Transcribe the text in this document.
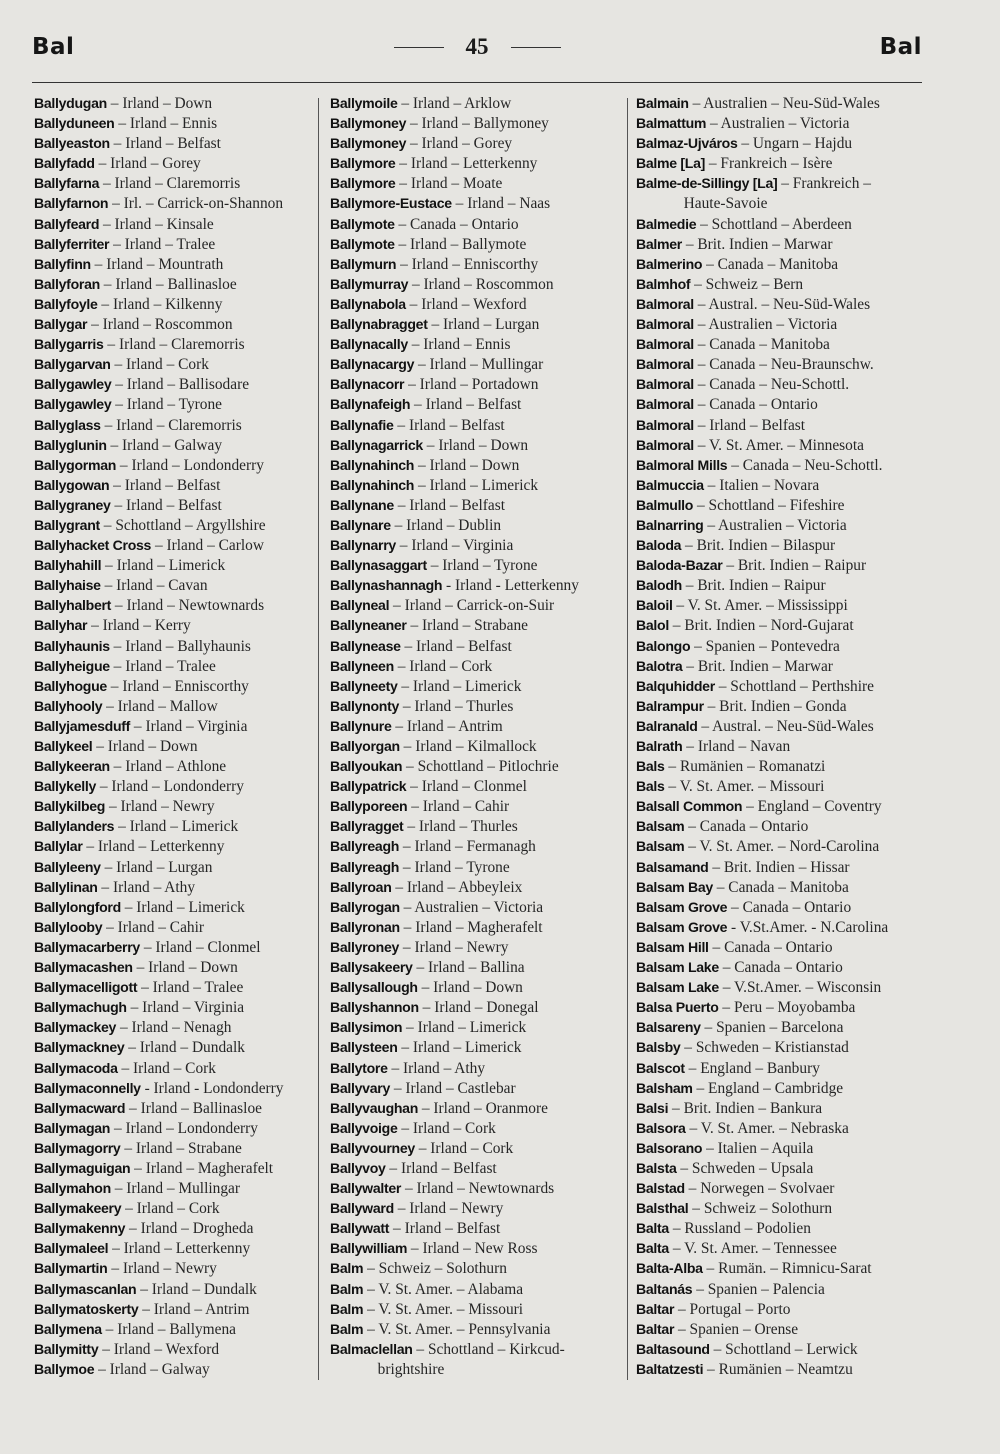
Bal	45	Bal
Ballydugan – Irland – Down
Ballyduneen – Irland – Ennis
Ballyeaston – Irland – Belfast
Ballyfadd – Irland – Gorey
Ballyfarna – Irland – Claremorris
Ballyfarnon – Irl. – Carrick-on-Shannon
Ballyfeard – Irland – Kinsale
Ballyferriter – Irland – Tralee
Ballyfinn – Irland – Mountrath
Ballyforan – Irland – Ballinasloe
Ballyfoyle – Irland – Kilkenny
Ballygar – Irland – Roscommon
Ballygarris – Irland – Claremorris
Ballygarvan – Irland – Cork
Ballygawley – Irland – Ballisodare
Ballygawley – Irland – Tyrone
Ballyglass – Irland – Claremorris
Ballyglunin – Irland – Galway
Ballygorman – Irland – Londonderry
Ballygowan – Irland – Belfast
Ballygraney – Irland – Belfast
Ballygrant – Schottland – Argyllshire
Ballyhacket Cross – Irland – Carlow
Ballyhahill – Irland – Limerick
Ballyhaise – Irland – Cavan
Ballyhalbert – Irland – Newtownards
Ballyhar – Irland – Kerry
Ballyhaunis – Irland – Ballyhaunis
Ballyheigue – Irland – Tralee
Ballyhogue – Irland – Enniscorthy
Ballyhooly – Irland – Mallow
Ballyjamesduff – Irland – Virginia
Ballykeel – Irland – Down
Ballykeeran – Irland – Athlone
Ballykelly – Irland – Londonderry
Ballykilbeg – Irland – Newry
Ballylanders – Irland – Limerick
Ballylar – Irland – Letterkenny
Ballyleeny – Irland – Lurgan
Ballylinan – Irland – Athy
Ballylongford – Irland – Limerick
Ballylooby – Irland – Cahir
Ballymacarberry – Irland – Clonmel
Ballymacashen – Irland – Down
Ballymacelligott – Irland – Tralee
Ballymachugh – Irland – Virginia
Ballymackey – Irland – Nenagh
Ballymackney – Irland – Dundalk
Ballymacoda – Irland – Cork
Ballymaconnelly - Irland - Londonderry
Ballymacward – Irland – Ballinasloe
Ballymagan – Irland – Londonderry
Ballymagorry – Irland – Strabane
Ballymaguigan – Irland – Magherafelt
Ballymahon – Irland – Mullingar
Ballymakeery – Irland – Cork
Ballymakenny – Irland – Drogheda
Ballymaleel – Irland – Letterkenny
Ballymartin – Irland – Newry
Ballymascanlan – Irland – Dundalk
Ballymatoskerty – Irland – Antrim
Ballymena – Irland – Ballymena
Ballymitty – Irland – Wexford
Ballymoe – Irland – Galway
Ballymoile – Irland – Arklow
Ballymoney – Irland – Ballymoney
Ballymoney – Irland – Gorey
Ballymore – Irland – Letterkenny
Ballymore – Irland – Moate
Ballymore-Eustace – Irland – Naas
Ballymote – Canada – Ontario
Ballymote – Irland – Ballymote
Ballymurn – Irland – Enniscorthy
Ballymurray – Irland – Roscommon
Ballynabola – Irland – Wexford
Ballynabragget – Irland – Lurgan
Ballynacally – Irland – Ennis
Ballynacargy – Irland – Mullingar
Ballynacorr – Irland – Portadown
Ballynafeigh – Irland – Belfast
Ballynafie – Irland – Belfast
Ballynagarrick – Irland – Down
Ballynahinch – Irland – Down
Ballynahinch – Irland – Limerick
Ballynane – Irland – Belfast
Ballynare – Irland – Dublin
Ballynarry – Irland – Virginia
Ballynasaggart – Irland – Tyrone
Ballynashannagh - Irland - Letterkenny
Ballyneal – Irland – Carrick-on-Suir
Ballyneaner – Irland – Strabane
Ballynease – Irland – Belfast
Ballyneen – Irland – Cork
Ballyneety – Irland – Limerick
Ballynonty – Irland – Thurles
Ballynure – Irland – Antrim
Ballyorgan – Irland – Kilmallock
Ballyoukan – Schottland – Pitlochrie
Ballypatrick – Irland – Clonmel
Ballyporeen – Irland – Cahir
Ballyragget – Irland – Thurles
Ballyreagh – Irland – Fermanagh
Ballyreagh – Irland – Tyrone
Ballyroan – Irland – Abbeyleix
Ballyrogan – Australien – Victoria
Ballyronan – Irland – Magherafelt
Ballyroney – Irland – Newry
Ballysakeery – Irland – Ballina
Ballysallough – Irland – Down
Ballyshannon – Irland – Donegal
Ballysimon – Irland – Limerick
Ballysteen – Irland – Limerick
Ballytore – Irland – Athy
Ballyvary – Irland – Castlebar
Ballyvaughan – Irland – Oranmore
Ballyvoige – Irland – Cork
Ballyvourney – Irland – Cork
Ballyvoy – Irland – Belfast
Ballywalter – Irland – Newtownards
Ballyward – Irland – Newry
Ballywatt – Irland – Belfast
Ballywilliam – Irland – New Ross
Balm – Schweiz – Solothurn
Balm – V. St. Amer. – Alabama
Balm – V. St. Amer. – Missouri
Balm – V. St. Amer. – Pennsylvania
Balmaclellan – Schottland – Kirkcud-
brightshire
Balmain – Australien – Neu-Süd-Wales
Balmattum – Australien – Victoria
Balmaz-Ujváros – Ungarn – Hajdu
Balme [La] – Frankreich – Isère
Balme-de-Sillingy [La] – Frankreich –
Haute-Savoie
Balmedie – Schottland – Aberdeen
Balmer – Brit. Indien – Marwar
Balmerino – Canada – Manitoba
Balmhof – Schweiz – Bern
Balmoral – Austral. – Neu-Süd-Wales
Balmoral – Australien – Victoria
Balmoral – Canada – Manitoba
Balmoral – Canada – Neu-Braunschw.
Balmoral – Canada – Neu-Schottl.
Balmoral – Canada – Ontario
Balmoral – Irland – Belfast
Balmoral – V. St. Amer. – Minnesota
Balmoral Mills – Canada – Neu-Schottl.
Balmuccia – Italien – Novara
Balmullo – Schottland – Fifeshire
Balnarring – Australien – Victoria
Baloda – Brit. Indien – Bilaspur
Baloda-Bazar – Brit. Indien – Raipur
Balodh – Brit. Indien – Raipur
Baloil – V. St. Amer. – Mississippi
Balol – Brit. Indien – Nord-Gujarat
Balongo – Spanien – Pontevedra
Balotra – Brit. Indien – Marwar
Balquhidder – Schottland – Perthshire
Balrampur – Brit. Indien – Gonda
Balranald – Austral. – Neu-Süd-Wales
Balrath – Irland – Navan
Bals – Rumänien – Romanatzi
Bals – V. St. Amer. – Missouri
Balsall Common – England – Coventry
Balsam – Canada – Ontario
Balsam – V. St. Amer. – Nord-Carolina
Balsamand – Brit. Indien – Hissar
Balsam Bay – Canada – Manitoba
Balsam Grove – Canada – Ontario
Balsam Grove - V.St.Amer. - N.Carolina
Balsam Hill – Canada – Ontario
Balsam Lake – Canada – Ontario
Balsam Lake – V.St.Amer. – Wisconsin
Balsa Puerto – Peru – Moyobamba
Balsareny – Spanien – Barcelona
Balsby – Schweden – Kristianstad
Balscot – England – Banbury
Balsham – England – Cambridge
Balsi – Brit. Indien – Bankura
Balsora – V. St. Amer. – Nebraska
Balsorano – Italien – Aquila
Balsta – Schweden – Upsala
Balstad – Norwegen – Svolvaer
Balsthal – Schweiz – Solothurn
Balta – Russland – Podolien
Balta – V. St. Amer. – Tennessee
Balta-Alba – Rumän. – Rimnicu-Sarat
Baltanás – Spanien – Palencia
Baltar – Portugal – Porto
Baltar – Spanien – Orense
Baltasound – Schottland – Lerwick
Baltatzesti – Rumänien – Neamtzu
